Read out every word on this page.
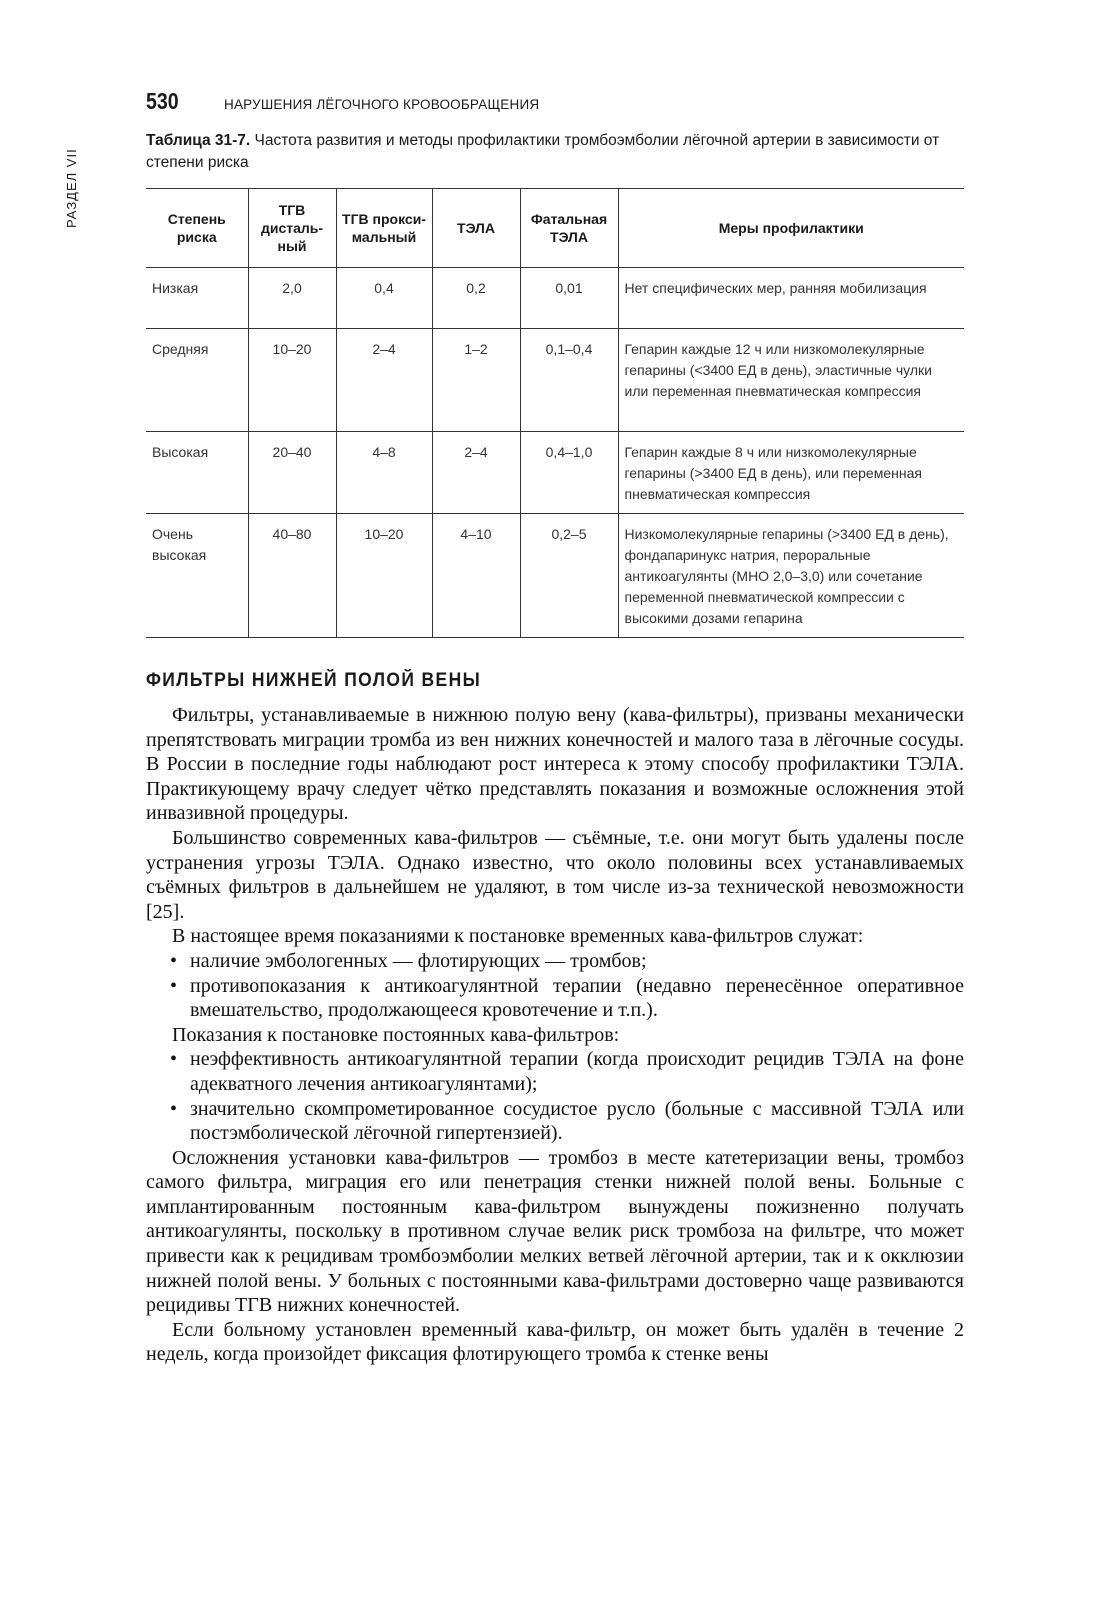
РАЗДЕЛ VII
530	НАРУШЕНИЯ ЛЁГОЧНОГО КРОВООБРАЩЕНИЯ
Таблица 31-7. Частота развития и методы профилактики тромбоэмболии лёгочной артерии в зависимости от степени риска
Степень риска	ТГВ дисталь-ный	ТГВ прокси-мальный	ТЭЛА	Фатальная ТЭЛА	Меры профилактики
Низкая	2,0	0,4	0,2	0,01	Нет специфических мер, ранняя мобилизация
Средняя	10–20	2–4	1–2	0,1–0,4	Гепарин каждые 12 ч или низкомолекулярные гепарины (<3400 ЕД в день), эластичные чулки или переменная пневматическая компрессия
Высокая	20–40	4–8	2–4	0,4–1,0	Гепарин каждые 8 ч или низкомолекулярные гепарины (>3400 ЕД в день), или переменная пневматическая компрессия
Очень высокая	40–80	10–20	4–10	0,2–5	Низкомолекулярные гепарины (>3400 ЕД в день), фондапаринукс натрия, пероральные антикоагулянты (МНО 2,0–3,0) или сочетание переменной пневматической компрессии с высокими дозами гепарина
ФИЛЬТРЫ НИЖНЕЙ ПОЛОЙ ВЕНЫ

Фильтры, устанавливаемые в нижнюю полую вену (кава-фильтры), призваны механически препятствовать миграции тромба из вен нижних конечностей и малого таза в лёгочные сосуды. В России в последние годы наблюдают рост интереса к этому способу профилактики ТЭЛА. Практикующему врачу следует чётко представлять показания и возможные осложнения этой инвазивной процедуры.

Большинство современных кава-фильтров — съёмные, т.е. они могут быть удалены после устранения угрозы ТЭЛА. Однако известно, что около половины всех устанавливаемых съёмных фильтров в дальнейшем не удаляют, в том числе из-за технической невозможности [25].

В настоящее время показаниями к постановке временных кава-фильтров служат:

• наличие эмбологенных — флотирующих — тромбов;
• противопоказания к антикоагулянтной терапии (недавно перенесённое оперативное вмешательство, продолжающееся кровотечение и т.п.).

Показания к постановке постоянных кава-фильтров:

• неэффективность антикоагулянтной терапии (когда происходит рецидив ТЭЛА на фоне адекватного лечения антикоагулянтами);
• значительно скомпрометированное сосудистое русло (больные с массивной ТЭЛА или постэмболической лёгочной гипертензией).

Осложнения установки кава-фильтров — тромбоз в месте катетеризации вены, тромбоз самого фильтра, миграция его или пенетрация стенки нижней полой вены. Больные с имплантированным постоянным кава-фильтром вынуждены пожизненно получать антикоагулянты, поскольку в противном случае велик риск тромбоза на фильтре, что может привести как к рецидивам тромбоэмболии мелких ветвей лёгочной артерии, так и к окклюзии нижней полой вены. У больных с постоянными кава-фильтрами достоверно чаще развиваются рецидивы ТГВ нижних конечностей.

Если больному установлен временный кава-фильтр, он может быть удалён в течение 2 недель, когда произойдет фиксация флотирующего тромба к стенке вены
